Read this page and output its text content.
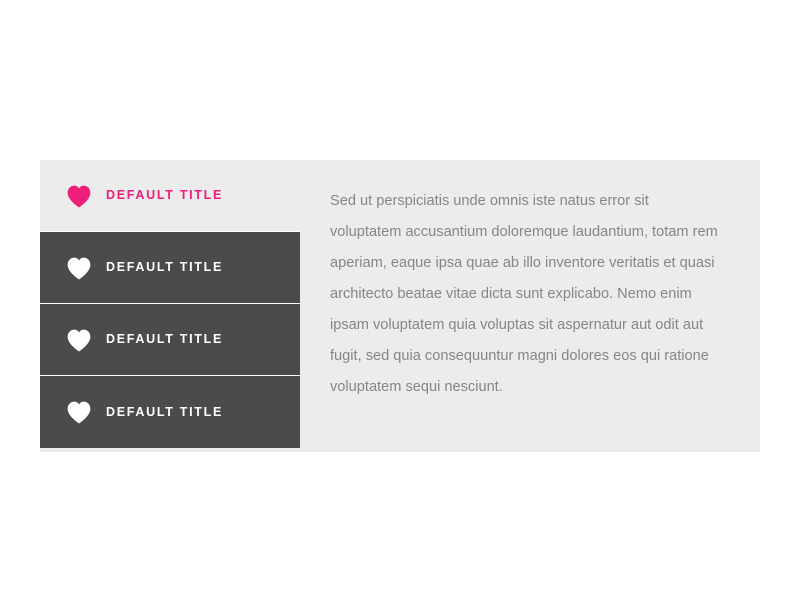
DEFAULT TITLE
DEFAULT TITLE
DEFAULT TITLE
DEFAULT TITLE

Sed ut perspiciatis unde omnis iste natus error sit voluptatem accusantium doloremque laudantium, totam rem aperiam, eaque ipsa quae ab illo inventore veritatis et quasi architecto beatae vitae dicta sunt explicabo. Nemo enim ipsam voluptatem quia voluptas sit aspernatur aut odit aut fugit, sed quia consequuntur magni dolores eos qui ratione voluptatem sequi nesciunt.
